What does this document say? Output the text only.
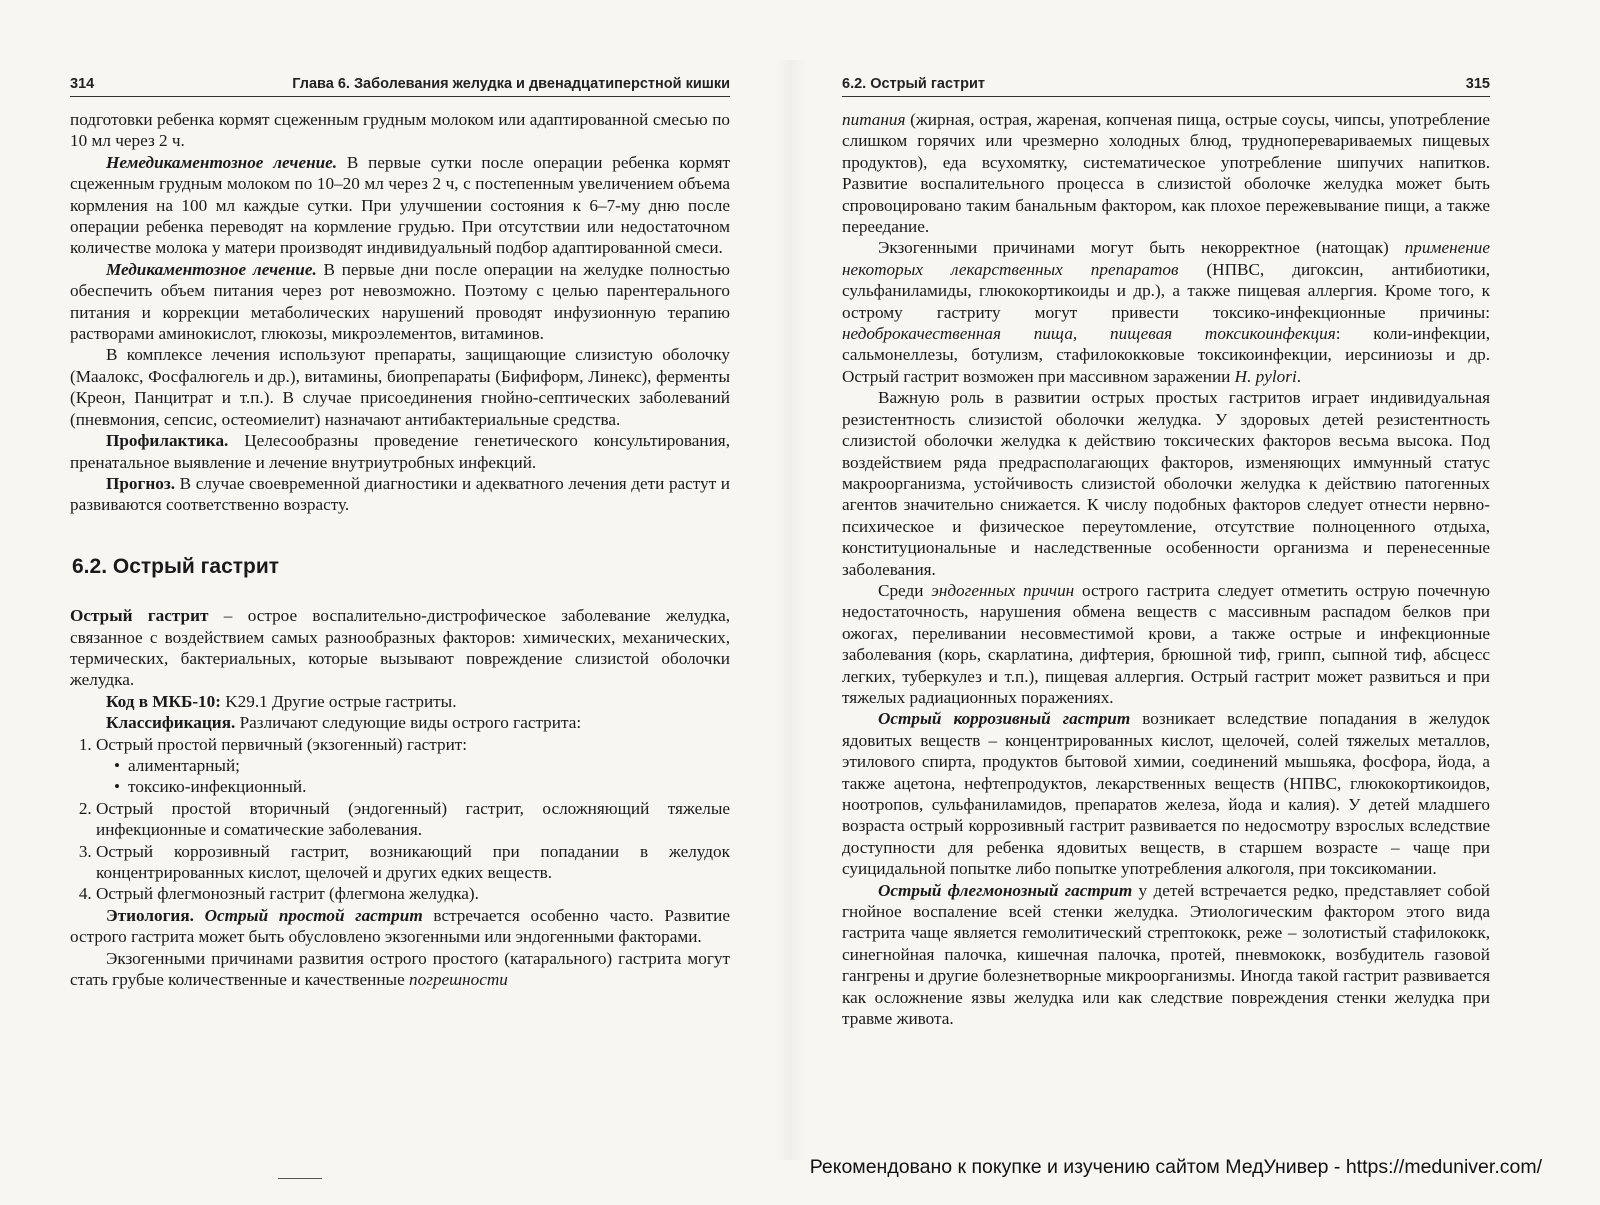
314	Глава 6. Заболевания желудка и двенадцатиперстной кишки

подготовки ребенка кормят сцеженным грудным молоком или адаптированной смесью по 10 мл через 2 ч.

Немедикаментозное лечение. В первые сутки после операции ребенка кормят сцеженным грудным молоком по 10–20 мл через 2 ч, с постепенным увеличением объема кормления на 100 мл каждые сутки. При улучшении состояния к 6–7-му дню после операции ребенка переводят на кормление грудью. При отсутствии или недостаточном количестве молока у матери производят индивидуальный подбор адаптированной смеси.

Медикаментозное лечение. В первые дни после операции на желудке полностью обеспечить объем питания через рот невозможно. Поэтому с целью парентерального питания и коррекции метаболических нарушений проводят инфузионную терапию растворами аминокислот, глюкозы, микроэлементов, витаминов.

В комплексе лечения используют препараты, защищающие слизистую оболочку (Маалокс, Фосфалюгель и др.), витамины, биопрепараты (Бифиформ, Линекс), ферменты (Креон, Панцитрат и т.п.). В случае присоединения гнойно-септических заболеваний (пневмония, сепсис, остеомиелит) назначают антибактериальные средства.

Профилактика. Целесообразны проведение генетического консультирования, пренатальное выявление и лечение внутриутробных инфекций.

Прогноз. В случае своевременной диагностики и адекватного лечения дети растут и развиваются соответственно возрасту.

6.2. Острый гастрит

Острый гастрит – острое воспалительно-дистрофическое заболевание желудка, связанное с воздействием самых разнообразных факторов: химических, механических, термических, бактериальных, которые вызывают повреждение слизистой оболочки желудка.

Код в МКБ-10: K29.1 Другие острые гастриты.

Классификация. Различают следующие виды острого гастрита:

1. Острый простой первичный (экзогенный) гастрит:
• алиментарный;
• токсико-инфекционный.
2. Острый простой вторичный (эндогенный) гастрит, осложняющий тяжелые инфекционные и соматические заболевания.
3. Острый коррозивный гастрит, возникающий при попадании в желудок концентрированных кислот, щелочей и других едких веществ.
4. Острый флегмонозный гастрит (флегмона желудка).

Этиология. Острый простой гастрит встречается особенно часто. Развитие острого гастрита может быть обусловлено экзогенными или эндогенными факторами.

Экзогенными причинами развития острого простого (катарального) гастрита могут стать грубые количественные и качественные погрешности

6.2. Острый гастрит	315

питания (жирная, острая, жареная, копченая пища, острые соусы, чипсы, употребление слишком горячих или чрезмерно холодных блюд, трудноперевариваемых пищевых продуктов), еда всухомятку, систематическое употребление шипучих напитков. Развитие воспалительного процесса в слизистой оболочке желудка может быть спровоцировано таким банальным фактором, как плохое пережевывание пищи, а также переедание.

Экзогенными причинами могут быть некорректное (натощак) применение некоторых лекарственных препаратов (НПВС, дигоксин, антибиотики, сульфаниламиды, глюкокортикоиды и др.), а также пищевая аллергия. Кроме того, к острому гастриту могут привести токсико-инфекционные причины: недоброкачественная пища, пищевая токсикоинфекция: коли-инфекции, сальмонеллезы, ботулизм, стафилококковые токсикоинфекции, иерсиниозы и др. Острый гастрит возможен при массивном заражении H. pylori.

Важную роль в развитии острых простых гастритов играет индивидуальная резистентность слизистой оболочки желудка. У здоровых детей резистентность слизистой оболочки желудка к действию токсических факторов весьма высока. Под воздействием ряда предрасполагающих факторов, изменяющих иммунный статус макроорганизма, устойчивость слизистой оболочки желудка к действию патогенных агентов значительно снижается. К числу подобных факторов следует отнести нервно-психическое и физическое переутомление, отсутствие полноценного отдыха, конституциональные и наследственные особенности организма и перенесенные заболевания.

Среди эндогенных причин острого гастрита следует отметить острую почечную недостаточность, нарушения обмена веществ с массивным распадом белков при ожогах, переливании несовместимой крови, а также острые и инфекционные заболевания (корь, скарлатина, дифтерия, брюшной тиф, грипп, сыпной тиф, абсцесс легких, туберкулез и т.п.), пищевая аллергия. Острый гастрит может развиться и при тяжелых радиационных поражениях.

Острый коррозивный гастрит возникает вследствие попадания в желудок ядовитых веществ – концентрированных кислот, щелочей, солей тяжелых металлов, этилового спирта, продуктов бытовой химии, соединений мышьяка, фосфора, йода, а также ацетона, нефтепродуктов, лекарственных веществ (НПВС, глюкокортикоидов, ноотропов, сульфаниламидов, препаратов железа, йода и калия). У детей младшего возраста острый коррозивный гастрит развивается по недосмотру взрослых вследствие доступности для ребенка ядовитых веществ, в старшем возрасте – чаще при суицидальной попытке либо попытке употребления алкоголя, при токсикомании.

Острый флегмонозный гастрит у детей встречается редко, представляет собой гнойное воспаление всей стенки желудка. Этиологическим фактором этого вида гастрита чаще является гемолитический стрептококк, реже – золотистый стафилококк, синегнойная палочка, кишечная палочка, протей, пневмококк, возбудитель газовой гангрены и другие болезнетворные микроорганизмы. Иногда такой гастрит развивается как осложнение язвы желудка или как следствие повреждения стенки желудка при травме живота.

Рекомендовано к покупке и изучению сайтом МедУнивер - https://meduniver.com/
